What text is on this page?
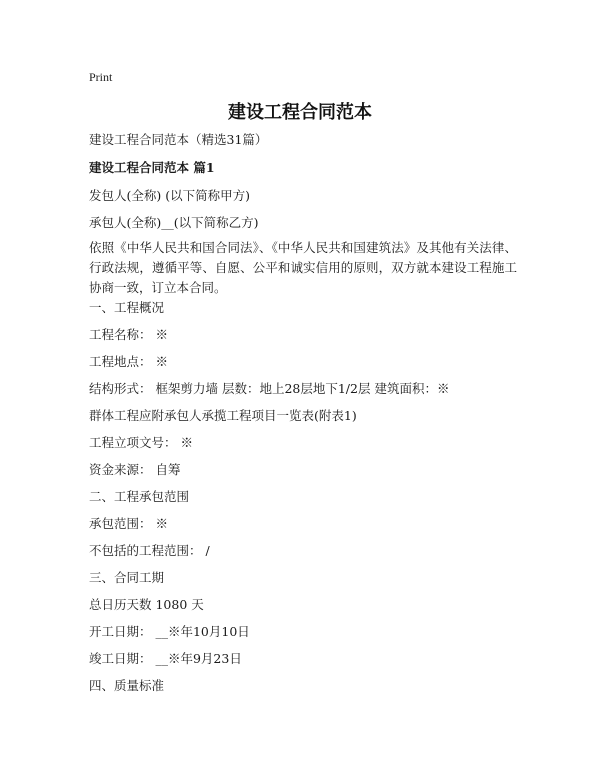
Print
建设工程合同范本
建设工程合同范本（精选31篇）
建设工程合同范本 篇1
发包人(全称) (以下简称甲方)
承包人(全称)__(以下简称乙方)
依照《中华人民共和国合同法》、《中华人民共和国建筑法》及其他有关法律、行政法规，遵循平等、自愿、公平和诚实信用的原则，双方就本建设工程施工协商一致，订立本合同。
一、工程概况
工程名称： ※
工程地点： ※
结构形式： 框架剪力墙 层数：地上28层地下1/2层 建筑面积：※
群体工程应附承包人承揽工程项目一览表(附表1)
工程立项文号： ※
资金来源： 自筹
二、工程承包范围
承包范围： ※
不包括的工程范围： /
三、合同工期
总日历天数 1080 天
开工日期： __※年10月10日
竣工日期： __※年9月23日
四、质量标准
